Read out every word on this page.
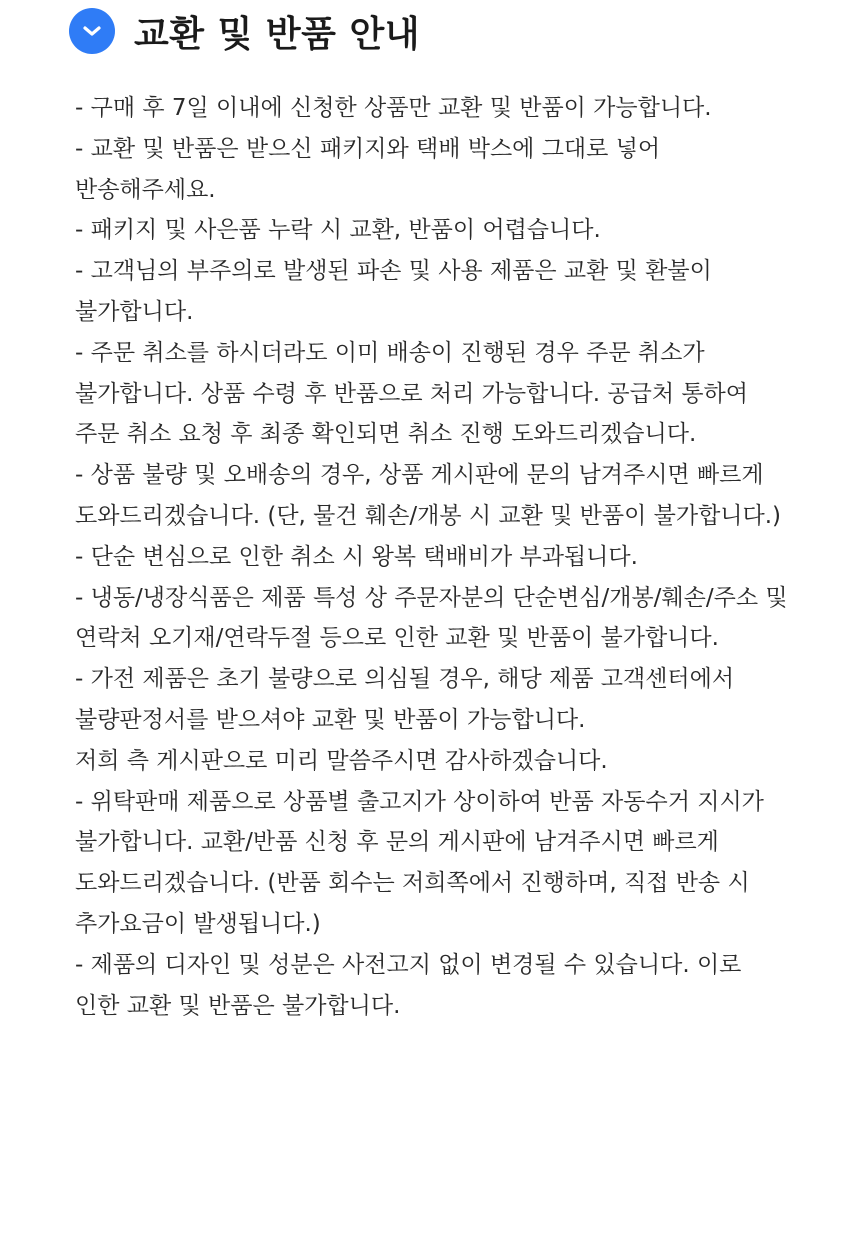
교환 및 반품 안내
- 구매 후 7일 이내에 신청한 상품만 교환 및 반품이 가능합니다.
- 교환 및 반품은 받으신 패키지와 택배 박스에 그대로 넣어 반송해주세요.
- 패키지 및 사은품 누락 시 교환, 반품이 어렵습니다.
- 고객님의 부주의로 발생된 파손 및 사용 제품은 교환 및 환불이 불가합니다.
- 주문 취소를 하시더라도 이미 배송이 진행된 경우 주문 취소가 불가합니다. 상품 수령 후 반품으로 처리 가능합니다. 공급처 통하여 주문 취소 요청 후 최종 확인되면 취소 진행 도와드리겠습니다.
- 상품 불량 및 오배송의 경우, 상품 게시판에 문의 남겨주시면 빠르게 도와드리겠습니다. (단, 물건 훼손/개봉 시 교환 및 반품이 불가합니다.)
- 단순 변심으로 인한 취소 시 왕복 택배비가 부과됩니다.
- 냉동/냉장식품은 제품 특성 상 주문자분의 단순변심/개봉/훼손/주소 및 연락처 오기재/연락두절 등으로 인한 교환 및 반품이 불가합니다.
- 가전 제품은 초기 불량으로 의심될 경우, 해당 제품 고객센터에서 불량판정서를 받으셔야 교환 및 반품이 가능합니다.
저희 측 게시판으로 미리 말씀주시면 감사하겠습니다.
- 위탁판매 제품으로 상품별 출고지가 상이하여 반품 자동수거 지시가 불가합니다. 교환/반품 신청 후 문의 게시판에 남겨주시면 빠르게 도와드리겠습니다. (반품 회수는 저희쪽에서 진행하며, 직접 반송 시 추가요금이 발생됩니다.)
- 제품의 디자인 및 성분은 사전고지 없이 변경될 수 있습니다. 이로 인한 교환 및 반품은 불가합니다.
